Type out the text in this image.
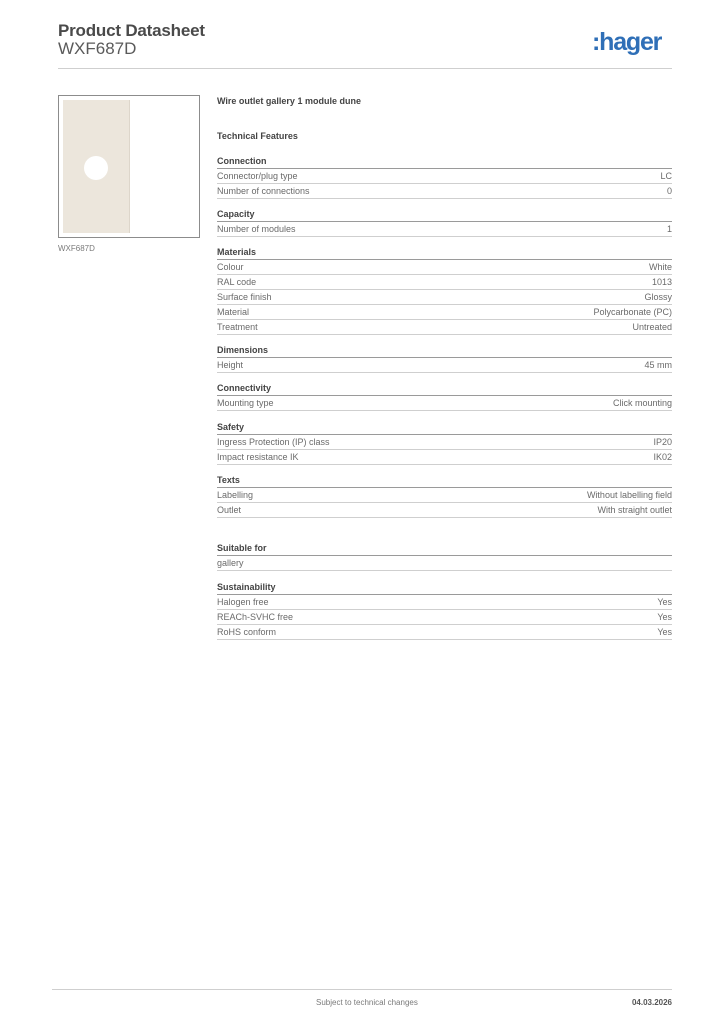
Product Datasheet
WXF687D	:hager
WXF687D
Wire outlet gallery 1 module dune
Technical Features
Connection
Connector/plug type	LC
Number of connections	0
Capacity
Number of modules	1
Materials
Colour	White
RAL code	1013
Surface finish	Glossy
Material	Polycarbonate (PC)
Treatment	Untreated
Dimensions
Height	45 mm
Connectivity
Mounting type	Click mounting
Safety
Ingress Protection (IP) class	IP20
Impact resistance IK	IK02
Texts
Labelling	Without labelling field
Outlet	With straight outlet
Suitable for
gallery
Sustainability
Halogen free	Yes
REACh-SVHC free	Yes
RoHS conform	Yes
Subject to technical changes	04.03.2026
